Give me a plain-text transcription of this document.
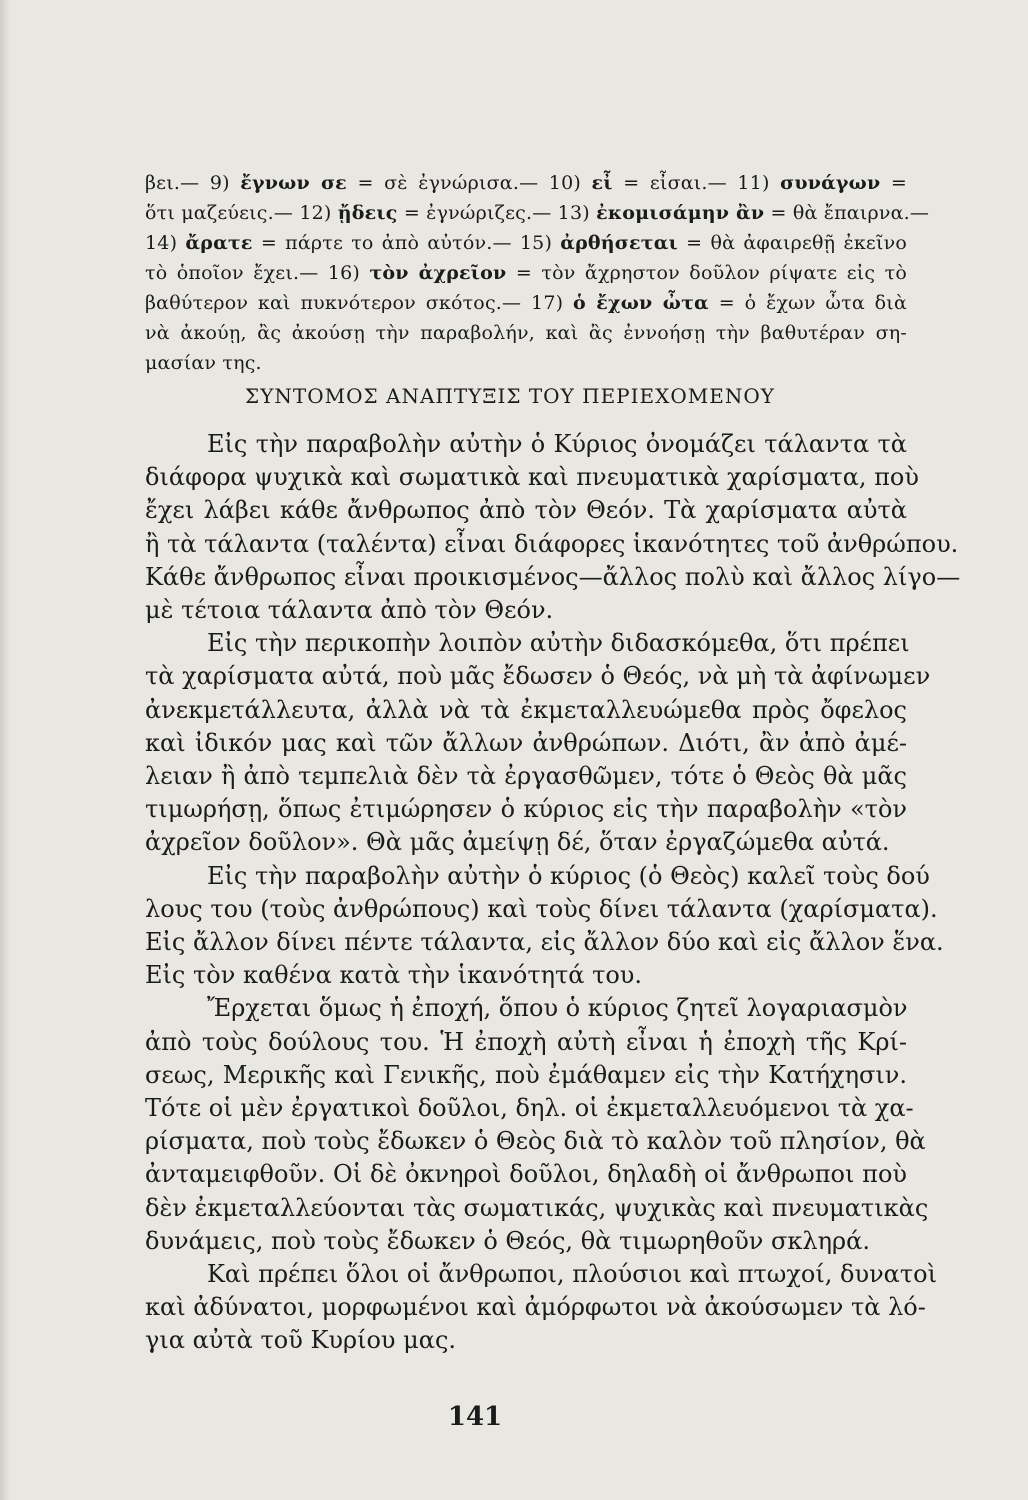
βει.— 9) ἔγνων σε = σὲ ἐγνώρισα.— 10) εἶ = εἶσαι.— 11) συνάγων =
ὅτι μαζεύεις.— 12) ᾔδεις = ἐγνώριζες.— 13) ἐκομισάμην ἂν = θὰ ἔπαιρνα.—
14) ἄρατε = πάρτε το ἀπὸ αὐτόν.— 15) ἀρθήσεται = θὰ ἀφαιρεθῇ ἐκεῖνο
τὸ ὁποῖον ἔχει.— 16) τὸν ἀχρεῖον = τὸν ἄχρηστον δοῦλον ρίψατε εἰς τὸ
βαθύτερον καὶ πυκνότερον σκότος.— 17) ὁ ἔχων ὦτα = ὁ ἔχων ὦτα διὰ
νὰ ἀκούῃ, ἂς ἀκούσῃ τὴν παραβολήν, καὶ ἂς ἐννοήσῃ τὴν βαθυτέραν ση-
μασίαν της.
ΣΥΝΤΟΜΟΣ ΑΝΑΠΤΥΞΙΣ ΤΟΥ ΠΕΡΙΕΧΟΜΕΝΟΥ
Εἰς τὴν παραβολὴν αὐτὴν ὁ Κύριος ὀνομάζει τάλαντα τὰ
διάφορα ψυχικὰ καὶ σωματικὰ καὶ πνευματικὰ χαρίσματα, ποὺ
ἔχει λάβει κάθε ἄνθρωπος ἀπὸ τὸν Θεόν. Τὰ χαρίσματα αὐτὰ
ἢ τὰ τάλαντα (ταλέντα) εἶναι διάφορες ἱκανότητες τοῦ ἀνθρώπου.
Κάθε ἄνθρωπος εἶναι προικισμένος—ἄλλος πολὺ καὶ ἄλλος λίγο—
μὲ τέτοια τάλαντα ἀπὸ τὸν Θεόν.
Εἰς τὴν περικοπὴν λοιπὸν αὐτὴν διδασκόμεθα, ὅτι πρέπει
τὰ χαρίσματα αὐτά, ποὺ μᾶς ἔδωσεν ὁ Θεός, νὰ μὴ τὰ ἀφίνωμεν
ἀνεκμετάλλευτα, ἀλλὰ νὰ τὰ ἐκμεταλλευώμεθα πρὸς ὄφελος
καὶ ἰδικόν μας καὶ τῶν ἄλλων ἀνθρώπων. Διότι, ἂν ἀπὸ ἀμέ-
λειαν ἢ ἀπὸ τεμπελιὰ δὲν τὰ ἐργασθῶμεν, τότε ὁ Θεὸς θὰ μᾶς
τιμωρήσῃ, ὅπως ἐτιμώρησεν ὁ κύριος εἰς τὴν παραβολὴν «τὸν
ἀχρεῖον δοῦλον». Θὰ μᾶς ἀμείψῃ δέ, ὅταν ἐργαζώμεθα αὐτά.
Εἰς τὴν παραβολὴν αὐτὴν ὁ κύριος (ὁ Θεὸς) καλεῖ τοὺς δού
λους του (τοὺς ἀνθρώπους) καὶ τοὺς δίνει τάλαντα (χαρίσματα).
Εἰς ἄλλον δίνει πέντε τάλαντα, εἰς ἄλλον δύο καὶ εἰς ἄλλον ἕνα.
Εἰς τὸν καθένα κατὰ τὴν ἱκανότητά του.
Ἔρχεται ὅμως ἡ ἐποχή, ὅπου ὁ κύριος ζητεῖ λογαριασμὸν
ἀπὸ τοὺς δούλους του. Ἡ ἐποχὴ αὐτὴ εἶναι ἡ ἐποχὴ τῆς Κρί-
σεως, Μερικῆς καὶ Γενικῆς, ποὺ ἐμάθαμεν εἰς τὴν Κατήχησιν.
Τότε οἱ μὲν ἐργατικοὶ δοῦλοι, δηλ. οἱ ἐκμεταλλευόμενοι τὰ χα-
ρίσματα, ποὺ τοὺς ἔδωκεν ὁ Θεὸς διὰ τὸ καλὸν τοῦ πλησίον, θὰ
ἀνταμειφθοῦν. Οἱ δὲ ὀκνηροὶ δοῦλοι, δηλαδὴ οἱ ἄνθρωποι ποὺ
δὲν ἐκμεταλλεύονται τὰς σωματικάς, ψυχικὰς καὶ πνευματικὰς
δυνάμεις, ποὺ τοὺς ἔδωκεν ὁ Θεός, θὰ τιμωρηθοῦν σκληρά.
Καὶ πρέπει ὅλοι οἱ ἄνθρωποι, πλούσιοι καὶ πτωχοί, δυνατοὶ
καὶ ἀδύνατοι, μορφωμένοι καὶ ἀμόρφωτοι νὰ ἀκούσωμεν τὰ λό-
για αὐτὰ τοῦ Κυρίου μας.
141
